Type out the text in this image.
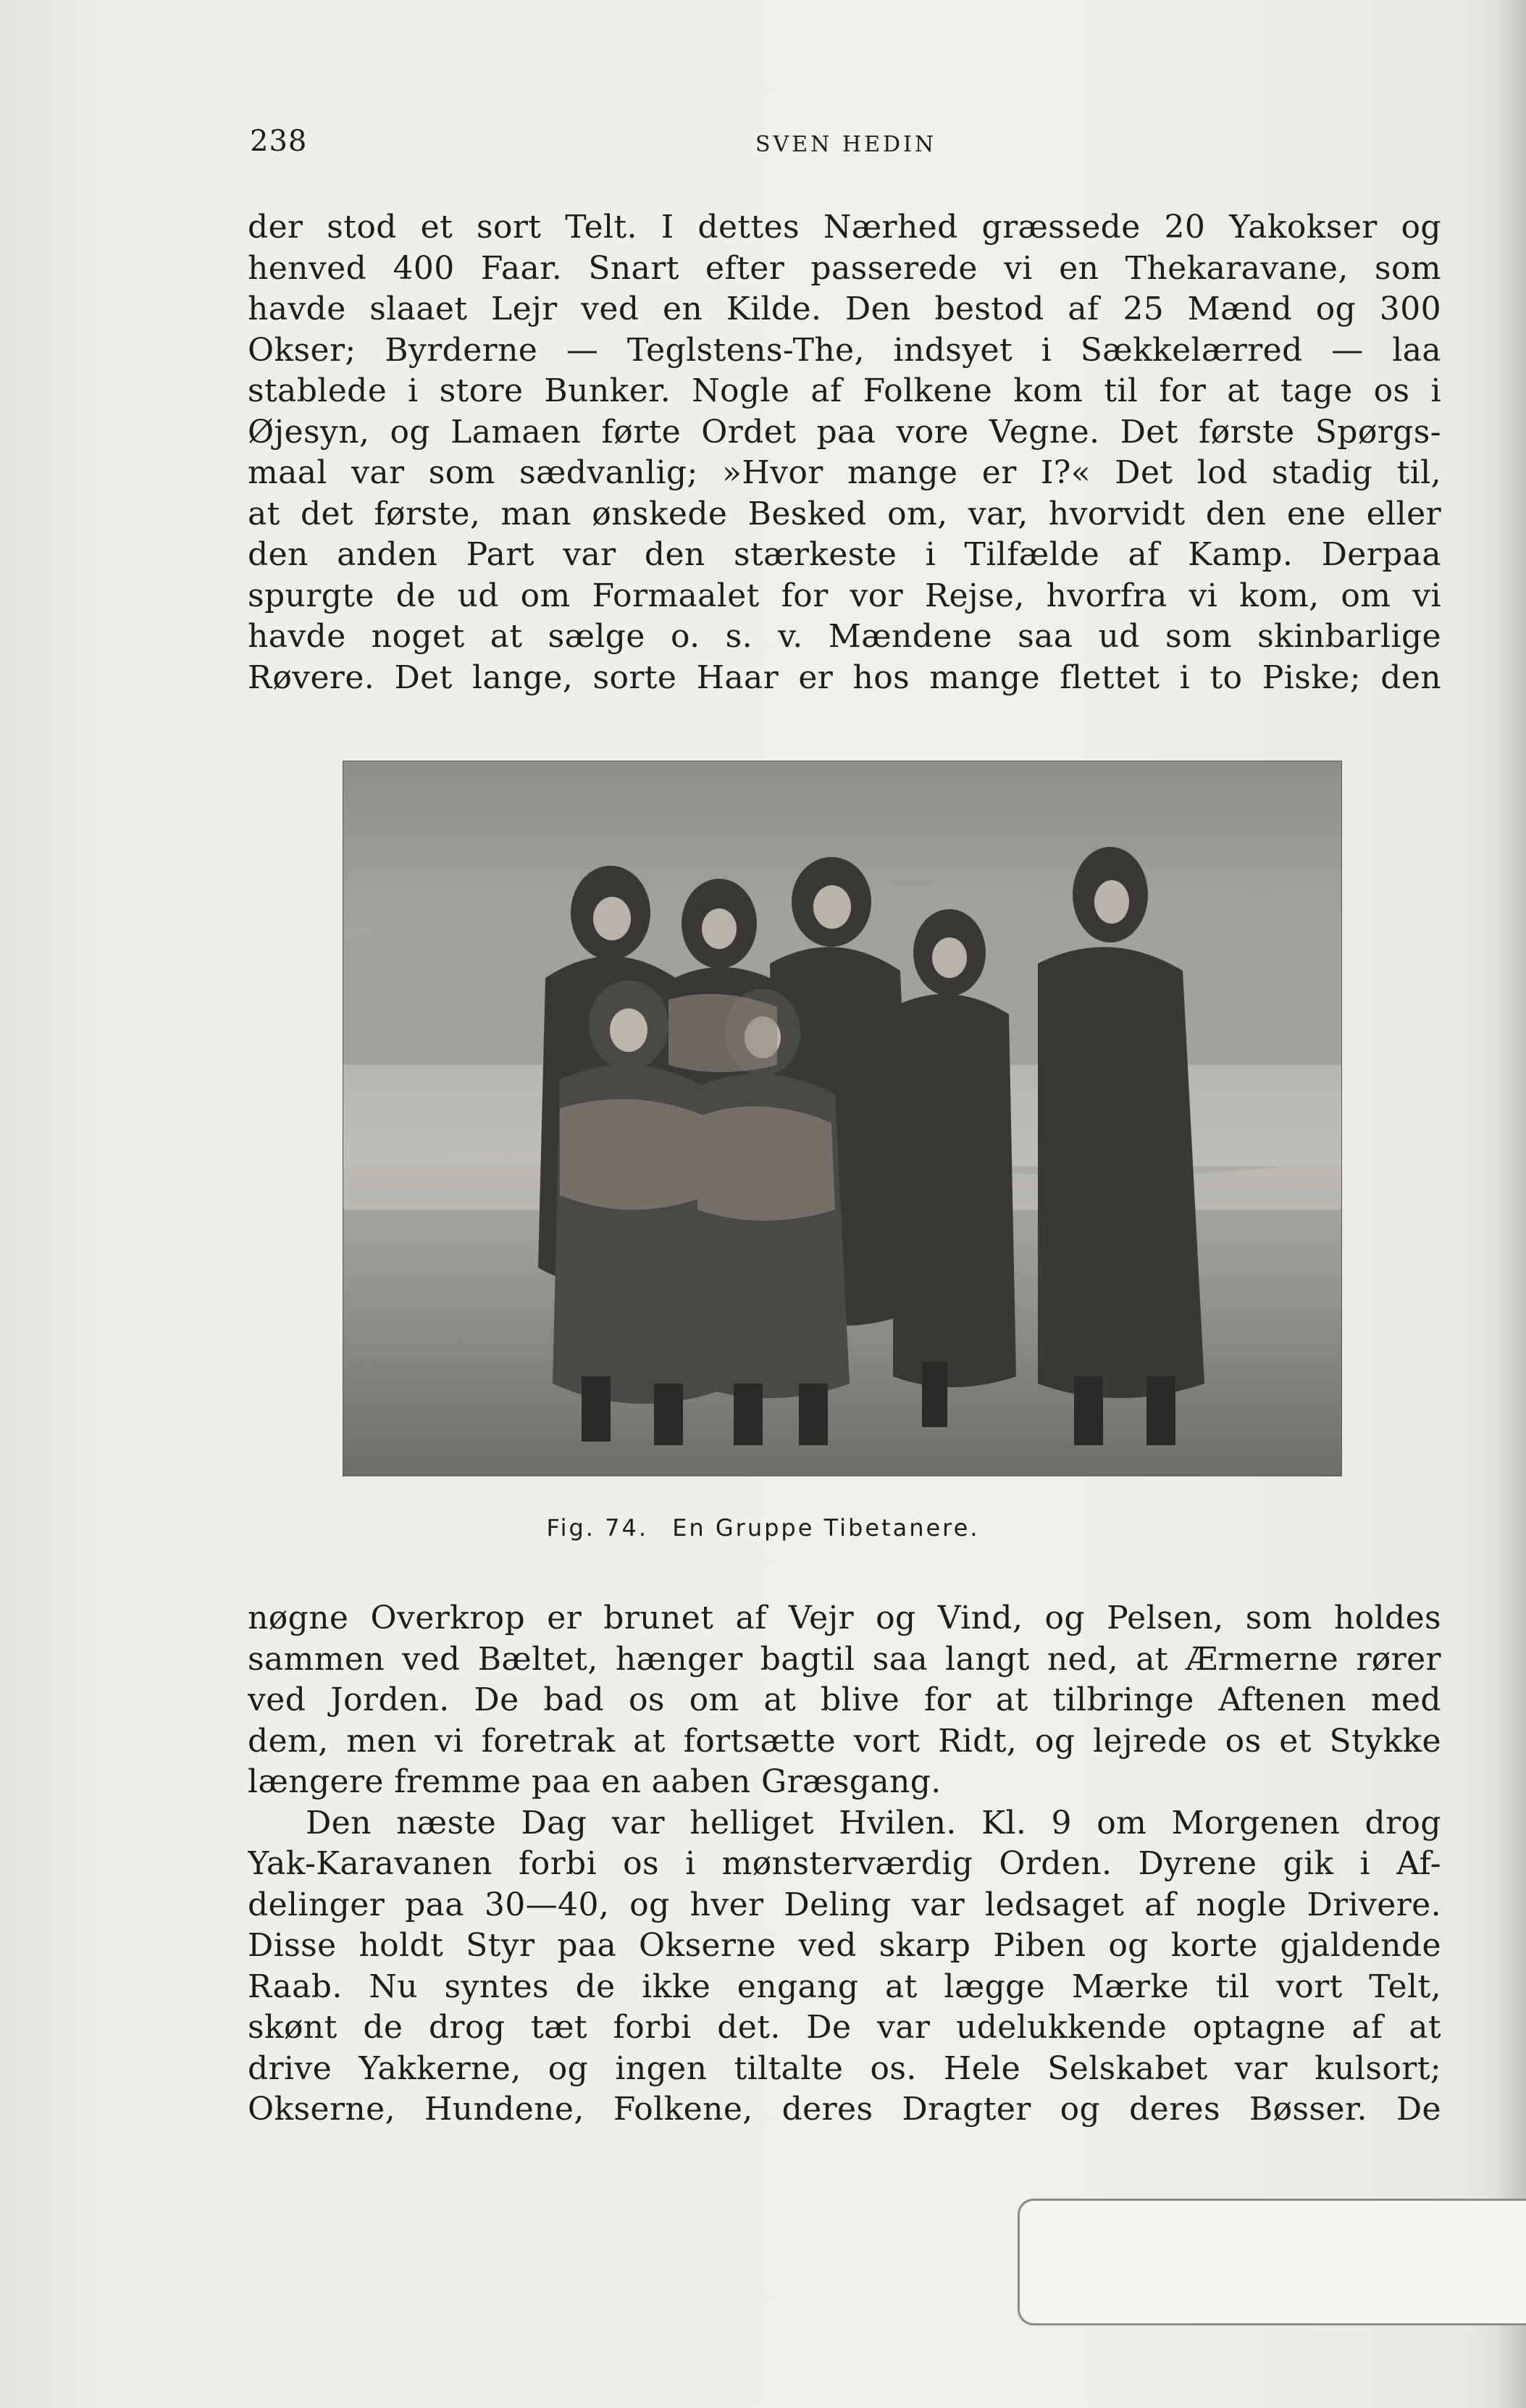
238	SVEN HEDIN
der stod et sort Telt. I dettes Nærhed græssede 20 Yakokser og
henved 400 Faar. Snart efter passerede vi en Thekaravane, som
havde slaaet Lejr ved en Kilde. Den bestod af 25 Mænd og 300
Okser; Byrderne — Teglstens-The, indsyet i Sækkelærred — laa
stablede i store Bunker. Nogle af Folkene kom til for at tage os i
Øjesyn, og Lamaen førte Ordet paa vore Vegne. Det første Spørgs-
maal var som sædvanlig; »Hvor mange er I?« Det lod stadig til,
at det første, man ønskede Besked om, var, hvorvidt den ene eller
den anden Part var den stærkeste i Tilfælde af Kamp. Derpaa
spurgte de ud om Formaalet for vor Rejse, hvorfra vi kom, om vi
havde noget at sælge o. s. v. Mændene saa ud som skinbarlige
Røvere. Det lange, sorte Haar er hos mange flettet i to Piske; den
Fig. 74. En Gruppe Tibetanere.
nøgne Overkrop er brunet af Vejr og Vind, og Pelsen, som holdes
sammen ved Bæltet, hænger bagtil saa langt ned, at Ærmerne rører
ved Jorden. De bad os om at blive for at tilbringe Aftenen med
dem, men vi foretrak at fortsætte vort Ridt, og lejrede os et Stykke
længere fremme paa en aaben Græsgang.
Den næste Dag var helliget Hvilen. Kl. 9 om Morgenen drog
Yak-Karavanen forbi os i mønsterværdig Orden. Dyrene gik i Af-
delinger paa 30—40, og hver Deling var ledsaget af nogle Drivere.
Disse holdt Styr paa Okserne ved skarp Piben og korte gjaldende
Raab. Nu syntes de ikke engang at lægge Mærke til vort Telt,
skønt de drog tæt forbi det. De var udelukkende optagne af at
drive Yakkerne, og ingen tiltalte os. Hele Selskabet var kulsort;
Okserne, Hundene, Folkene, deres Dragter og deres Bøsser. De
